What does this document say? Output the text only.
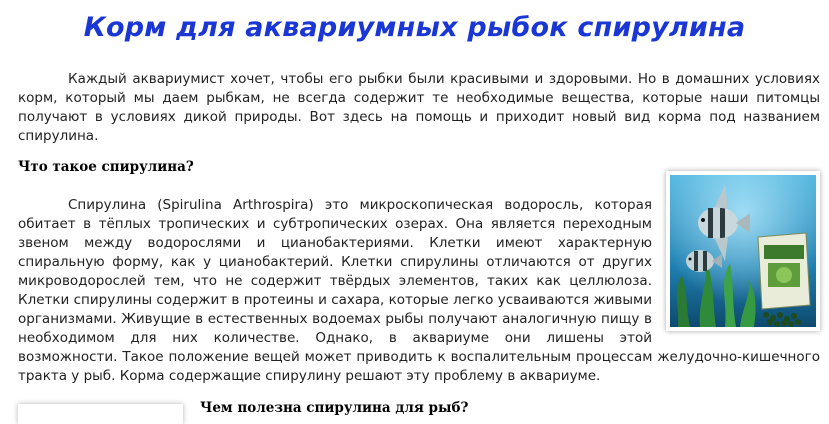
Корм для аквариумных рыбок спирулина

Каждый аквариумист хочет, чтобы его рыбки были красивыми и здоровыми. Но в домашних условиях корм, который мы даем рыбкам, не всегда содержит те необходимые вещества, которые наши питомцы получают в условиях дикой природы. Вот здесь на помощь и приходит новый вид корма под названием спирулина.

Что такое спирулина?
Спирулина (Spirulina Arthrospira) это микроскопическая водоросль, которая обитает в тёплых тропических и субтропических озерах. Она является переходным звеном между водорослями и цианобактериями. Клетки имеют характерную спиральную форму, как у цианобактерий. Клетки спирулины отличаются от других микроводорослей тем, что не содержит твёрдых элементов, таких как целлюлоза. Клетки спирулины содержит в протеины и сахара, которые легко усваиваются живыми организмами. Живущие в естественных водоемах рыбы получают аналогичную пищу в необходимом для них количестве. Однако, в аквариуме они лишены этой возможности. Такое положение вещей может приводить к воспалительным процессам желудочно-кишечного тракта у рыб. Корма содержащие спирулину решают эту проблему в аквариуме.
Чем полезна спирулина для рыб?
